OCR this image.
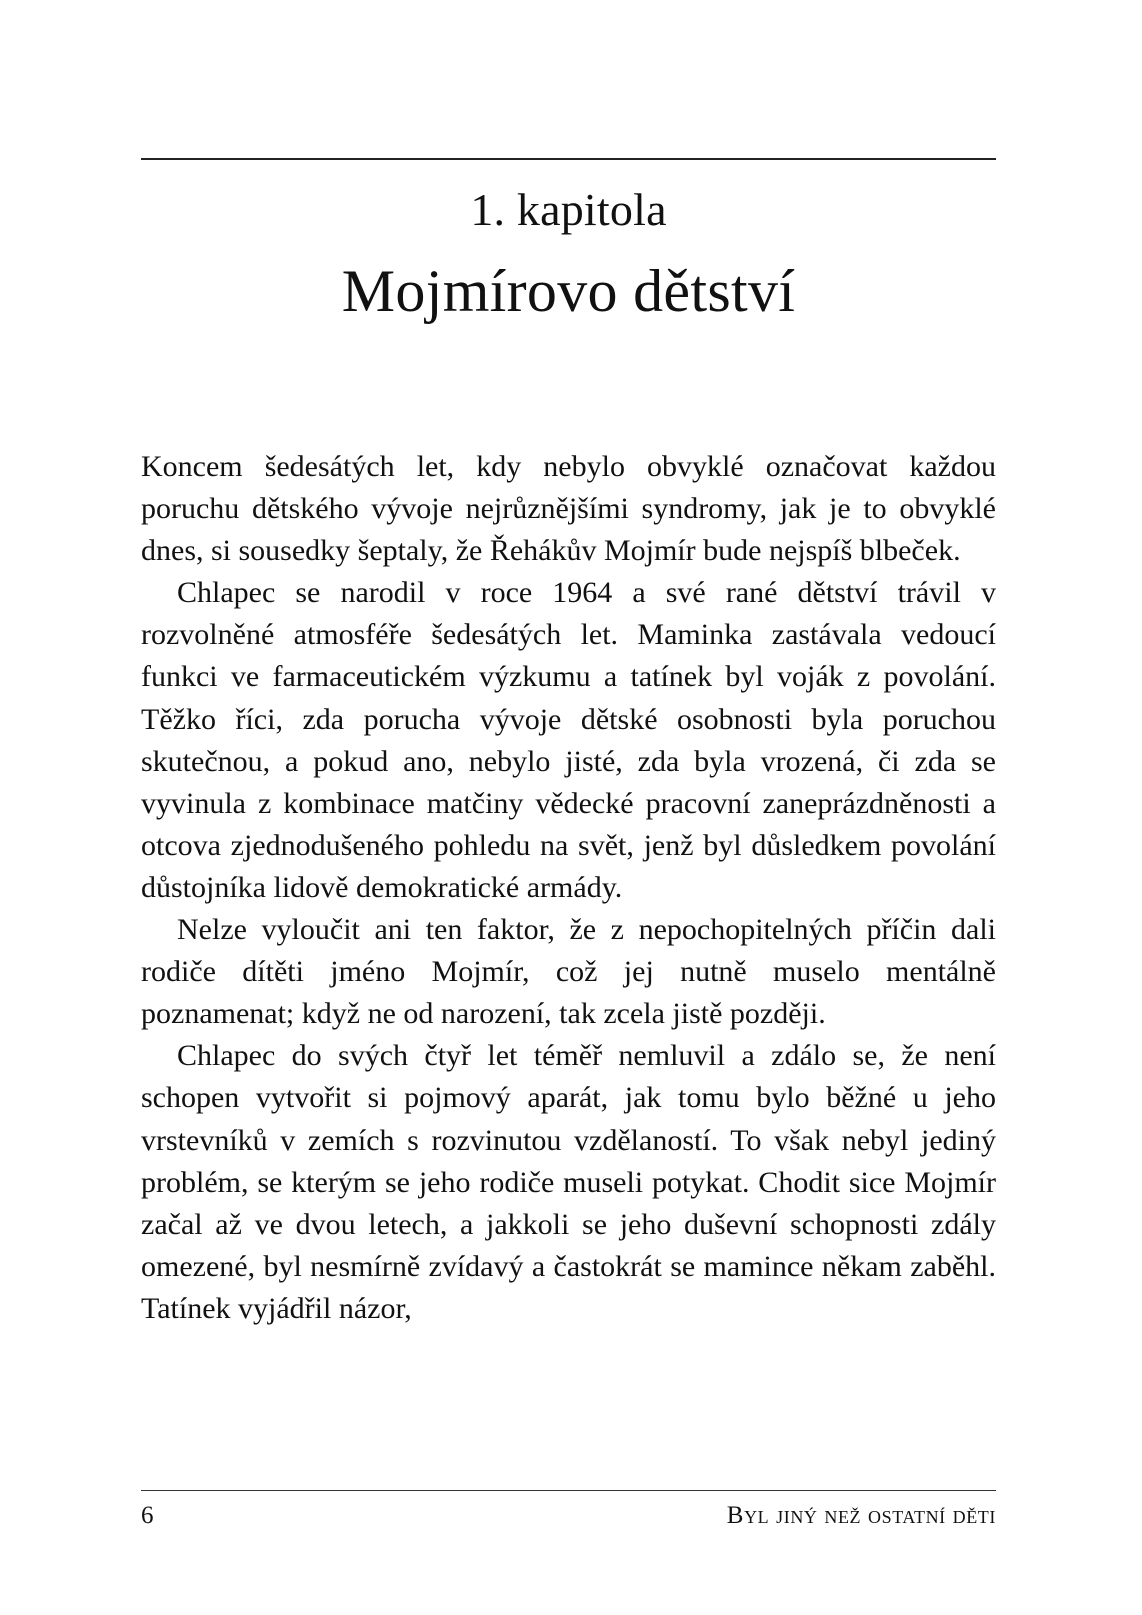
1. kapitola
Mojmírovo dětství

Koncem šedesátých let, kdy nebylo obvyklé označovat každou poruchu dětského vývoje nejrůznějšími syndromy, jak je to obvyklé dnes, si sousedky šeptaly, že Řehákův Mojmír bude nejspíš blbeček.

Chlapec se narodil v roce 1964 a své rané dětství trávil v rozvolněné atmosféře šedesátých let. Maminka zastávala vedoucí funkci ve farmaceutickém výzkumu a tatínek byl voják z povolání. Těžko říci, zda porucha vývoje dětské osobnosti byla poruchou skutečnou, a pokud ano, nebylo jisté, zda byla vrozená, či zda se vyvinula z kombinace matčiny vědecké pracovní zaneprázdněnosti a otcova zjednodušeného pohledu na svět, jenž byl důsledkem povolání důstojníka lidově demokratické armády.

Nelze vyloučit ani ten faktor, že z nepochopitelných příčin dali rodiče dítěti jméno Mojmír, což jej nutně muselo mentálně poznamenat; když ne od narození, tak zcela jistě později.

Chlapec do svých čtyř let téměř nemluvil a zdálo se, že není schopen vytvořit si pojmový aparát, jak tomu bylo běžné u jeho vrstevníků v zemích s rozvinutou vzdělaností. To však nebyl jediný problém, se kterým se jeho rodiče museli potykat. Chodit sice Mojmír začal až ve dvou letech, a jakkoli se jeho duševní schopnosti zdály omezené, byl nesmírně zvídavý a častokrát se mamince někam zaběhl. Tatínek vyjádřil názor,

6	Byl jiný než ostatní děti
